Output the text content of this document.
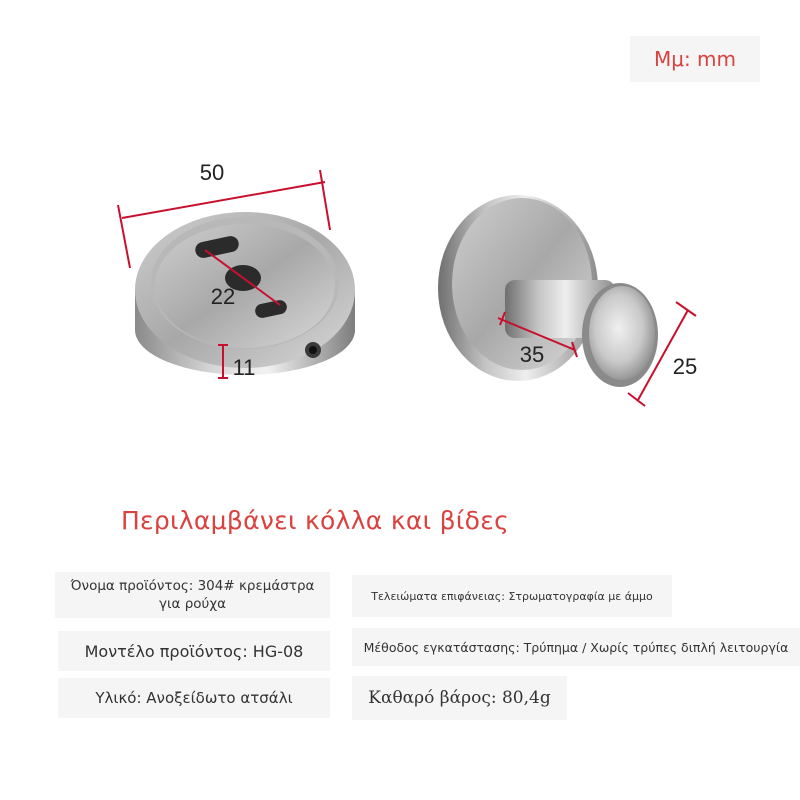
Μμ: mm
50
22
11
35	25
Περιλαμβάνει κόλλα και βίδες
Όνομα προϊόντος: 304# κρεμάστρα για ρούχα
Μοντέλο προϊόντος: HG-08
Υλικό: Ανοξείδωτο ατσάλι
Τελειώματα επιφάνειας: Στρωματογραφία με άμμο
Μέθοδος εγκατάστασης: Τρύπημα / Χωρίς τρύπες διπλή λειτουργία
Καθαρό βάρος: 80,4g
